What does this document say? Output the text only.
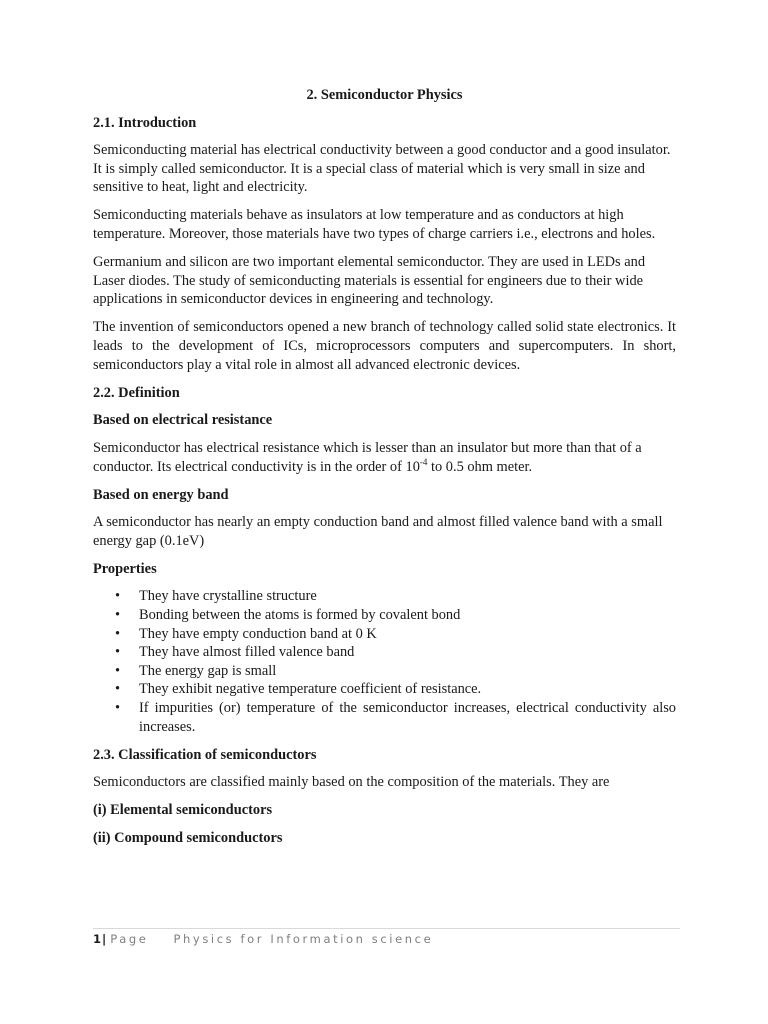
2. Semiconductor Physics
2.1. Introduction

Semiconducting material has electrical conductivity between a good conductor and a good insulator. It is simply called semiconductor. It is a special class of material which is very small in size and sensitive to heat, light and electricity.

Semiconducting materials behave as insulators at low temperature and as conductors at high temperature. Moreover, those materials have two types of charge carriers i.e., electrons and holes.

Germanium and silicon are two important elemental semiconductor. They are used in LEDs and Laser diodes. The study of semiconducting materials is essential for engineers due to their wide applications in semiconductor devices in engineering and technology.

The invention of semiconductors opened a new branch of technology called solid state electronics. It leads to the development of ICs, microprocessors computers and supercomputers. In short, semiconductors play a vital role in almost all advanced electronic devices.

2.2. Definition
Based on electrical resistance

Semiconductor has electrical resistance which is lesser than an insulator but more than that of a conductor. Its electrical conductivity is in the order of $10^{-4}$ to 0.5 ohm meter.

Based on energy band

A semiconductor has nearly an empty conduction band and almost filled valence band with a small energy gap (0.1eV)

Properties
• They have crystalline structure
• Bonding between the atoms is formed by covalent bond
• They have empty conduction band at 0 K
• They have almost filled valence band
• The energy gap is small
• They exhibit negative temperature coefficient of resistance.
• If impurities (or) temperature of the semiconductor increases, electrical conductivity also increases.
2.3. Classification of semiconductors

Semiconductors are classified mainly based on the composition of the materials. They are

(i) Elemental semiconductors
(ii) Compound semiconductors
1| Page Physics for Information science
